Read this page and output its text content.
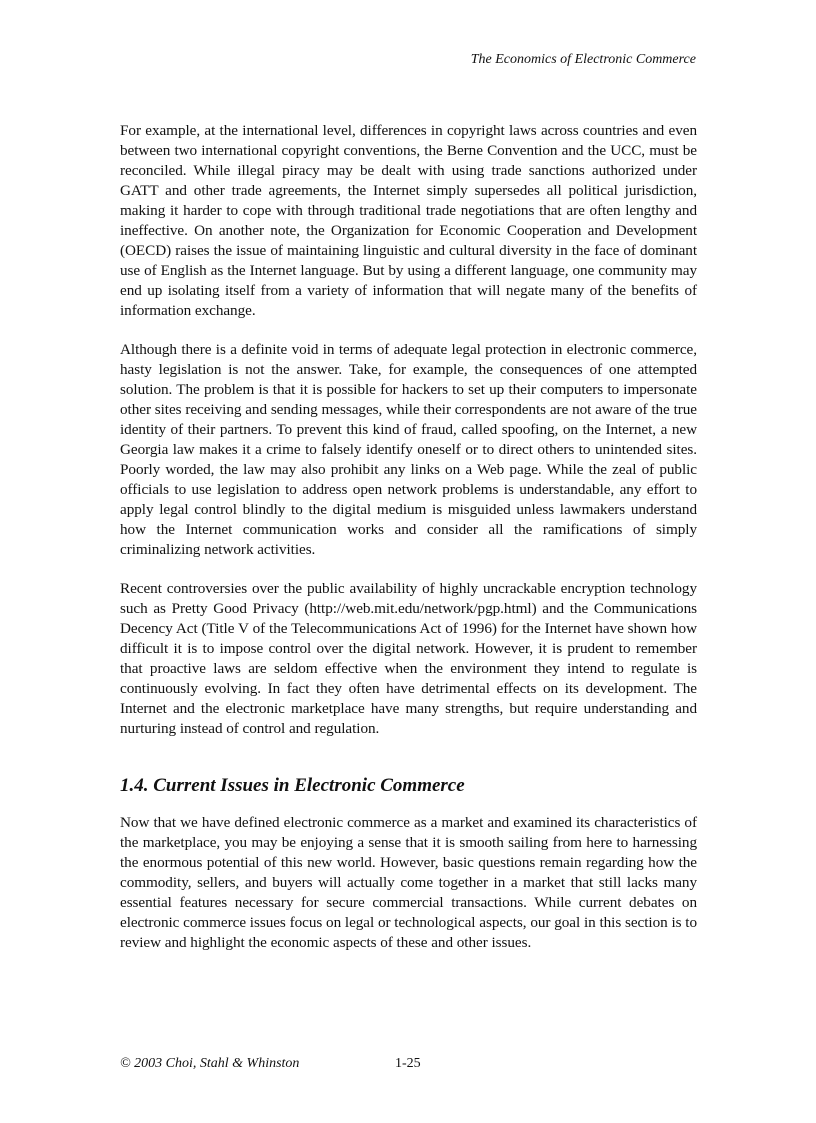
The Economics of Electronic Commerce

For example, at the international level, differences in copyright laws across countries and even between two international copyright conventions, the Berne Convention and the UCC, must be reconciled. While illegal piracy may be dealt with using trade sanctions authorized under GATT and other trade agreements, the Internet simply supersedes all political jurisdiction, making it harder to cope with through traditional trade negotiations that are often lengthy and ineffective. On another note, the Organization for Economic Cooperation and Development (OECD) raises the issue of maintaining linguistic and cultural diversity in the face of dominant use of English as the Internet language. But by using a different language, one community may end up isolating itself from a variety of information that will negate many of the benefits of information exchange.

Although there is a definite void in terms of adequate legal protection in electronic commerce, hasty legislation is not the answer. Take, for example, the consequences of one attempted solution. The problem is that it is possible for hackers to set up their computers to impersonate other sites receiving and sending messages, while their correspondents are not aware of the true identity of their partners. To prevent this kind of fraud, called spoofing, on the Internet, a new Georgia law makes it a crime to falsely identify oneself or to direct others to unintended sites. Poorly worded, the law may also prohibit any links on a Web page. While the zeal of public officials to use legislation to address open network problems is understandable, any effort to apply legal control blindly to the digital medium is misguided unless lawmakers understand how the Internet communication works and consider all the ramifications of simply criminalizing network activities.

Recent controversies over the public availability of highly uncrackable encryption technology such as Pretty Good Privacy (http://web.mit.edu/network/pgp.html) and the Communications Decency Act (Title V of the Telecommunications Act of 1996) for the Internet have shown how difficult it is to impose control over the digital network. However, it is prudent to remember that proactive laws are seldom effective when the environment they intend to regulate is continuously evolving. In fact they often have detrimental effects on its development. The Internet and the electronic marketplace have many strengths, but require understanding and nurturing instead of control and regulation.

1.4. Current Issues in Electronic Commerce

Now that we have defined electronic commerce as a market and examined its characteristics of the marketplace, you may be enjoying a sense that it is smooth sailing from here to harnessing the enormous potential of this new world. However, basic questions remain regarding how the commodity, sellers, and buyers will actually come together in a market that still lacks many essential features necessary for secure commercial transactions. While current debates on electronic commerce issues focus on legal or technological aspects, our goal in this section is to review and highlight the economic aspects of these and other issues.

© 2003 Choi, Stahl & Whinston	1-25
